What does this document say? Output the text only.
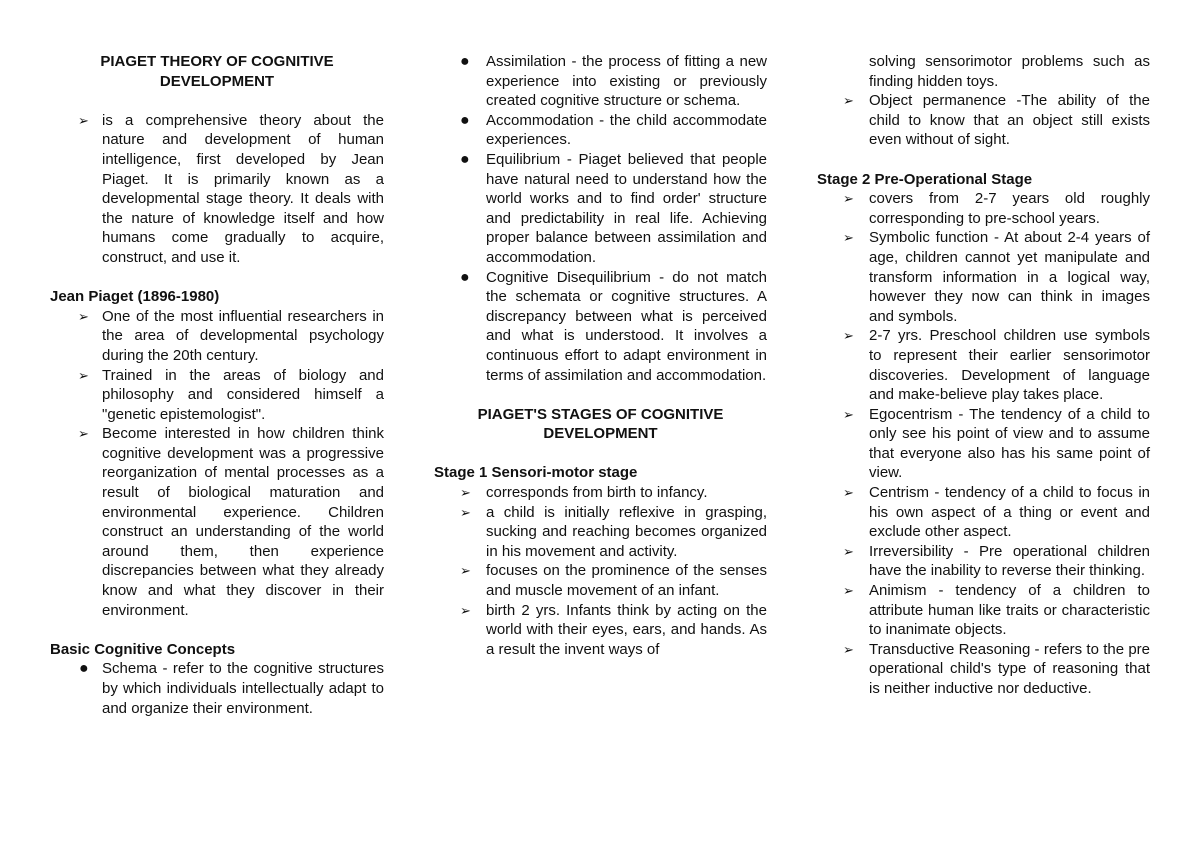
PIAGET THEORY OF COGNITIVE
DEVELOPMENT

➢ is a comprehensive theory about the nature and development of human intelligence, first developed by Jean Piaget. It is primarily known as a developmental stage theory. It deals with the nature of knowledge itself and how humans come gradually to acquire, construct, and use it.

Jean Piaget (1896-1980)

➢ One of the most influential researchers in the area of developmental psychology during the 20th century.
➢ Trained in the areas of biology and philosophy and considered himself a "genetic epistemologist".
➢ Become interested in how children think cognitive development was a progressive reorganization of mental processes as a result of biological maturation and environmental experience. Children construct an understanding of the world around them, then experience discrepancies between what they already know and what they discover in their environment.

Basic Cognitive Concepts

● Schema - refer to the cognitive structures by which individuals intellectually adapt to and organize their environment.
●	Assimilation - the process of fitting a new experience into existing or previously created cognitive structure or schema.
●	Accommodation - the child accommodate experiences.
●	Equilibrium - Piaget believed that people have natural need to understand how the world works and to find order' structure and predictability in real life. Achieving proper balance between assimilation and accommodation.
●	Cognitive Disequilibrium - do not match the schemata or cognitive structures. A discrepancy between what is perceived and what is understood. It involves a continuous effort to adapt environment in terms of assimilation and accommodation.

PIAGET'S STAGES OF COGNITIVE
DEVELOPMENT

Stage 1 Sensori-motor stage

➢	corresponds from birth to infancy.
➢	a child is initially reflexive in grasping, sucking and reaching becomes organized in his movement and activity.
➢	focuses on the prominence of the senses and muscle movement of an infant.
➢	birth 2 yrs. Infants think by acting on the world with their eyes, ears, and hands. As a result the invent ways of

solving sensorimotor problems such as finding hidden toys.

➢	Object permanence -The ability of the child to know that an object still exists even without of sight.

Stage 2 Pre-Operational Stage

➢	covers from 2-7 years old roughly corresponding to pre-school years.
➢	Symbolic function - At about 2-4 years of age, children cannot yet manipulate and transform information in a logical way, however they now can think in images and symbols.
➢	2-7 yrs. Preschool children use symbols to represent their earlier sensorimotor discoveries. Development of language and make-believe play takes place.
➢	Egocentrism - The tendency of a child to only see his point of view and to assume that everyone also has his same point of view.
➢	Centrism - tendency of a child to focus in his own aspect of a thing or event and exclude other aspect.
➢	Irreversibility - Pre operational children have the inability to reverse their thinking.
➢	Animism - tendency of a children to attribute human like traits or characteristic to inanimate objects.
➢	Transductive Reasoning - refers to the pre operational child's type of reasoning that is neither inductive nor deductive.
